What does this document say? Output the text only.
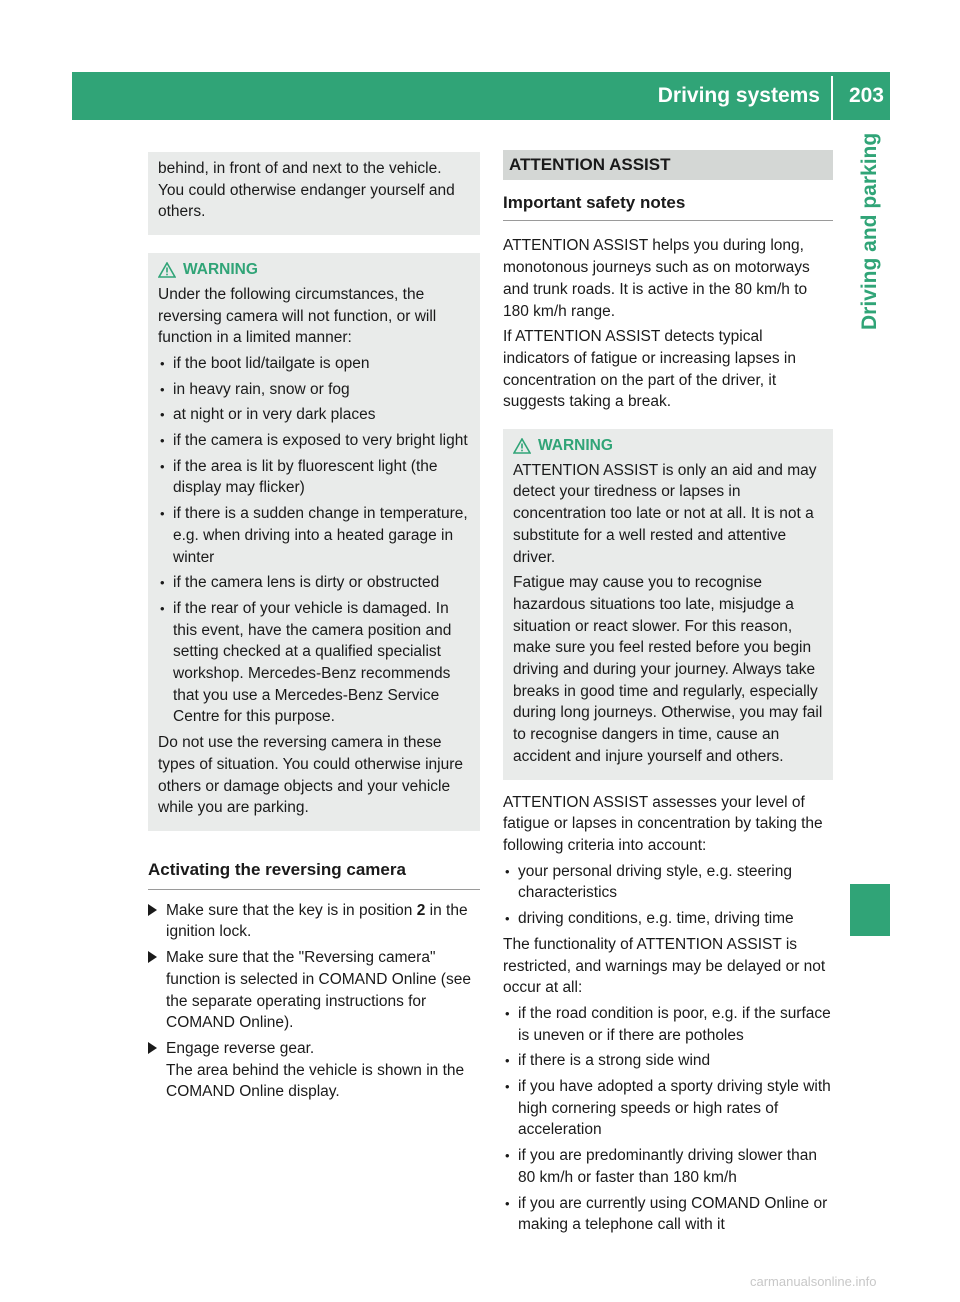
Driving systems 203
Driving and parking

behind, in front of and next to the vehicle. You could otherwise endanger yourself and others.

WARNING

Under the following circumstances, the reversing camera will not function, or will function in a limited manner:

• if the boot lid/tailgate is open
• in heavy rain, snow or fog
• at night or in very dark places
• if the camera is exposed to very bright light
• if the area is lit by fluorescent light (the display may flicker)
• if there is a sudden change in temperature, e.g. when driving into a heated garage in winter
• if the camera lens is dirty or obstructed
• if the rear of your vehicle is damaged. In this event, have the camera position and setting checked at a qualified specialist workshop. Mercedes-Benz recommends that you use a Mercedes-Benz Service Centre for this purpose.

Do not use the reversing camera in these types of situation. You could otherwise injure others or damage objects and your vehicle while you are parking.

Activating the reversing camera
Make sure that the key is in position 2 in the ignition lock.
Make sure that the "Reversing camera" function is selected in COMAND Online (see the separate operating instructions for COMAND Online).
Engage reverse gear.
The area behind the vehicle is shown in the COMAND Online display.
ATTENTION ASSIST
Important safety notes

ATTENTION ASSIST helps you during long, monotonous journeys such as on motorways and trunk roads. It is active in the 80 km/h to 180 km/h range.

If ATTENTION ASSIST detects typical indicators of fatigue or increasing lapses in concentration on the part of the driver, it suggests taking a break.

WARNING

ATTENTION ASSIST is only an aid and may detect your tiredness or lapses in concentration too late or not at all. It is not a substitute for a well rested and attentive driver.

Fatigue may cause you to recognise hazardous situations too late, misjudge a situation or react slower. For this reason, make sure you feel rested before you begin driving and during your journey. Always take breaks in good time and regularly, especially during long journeys. Otherwise, you may fail to recognise dangers in time, cause an accident and injure yourself and others.

ATTENTION ASSIST assesses your level of fatigue or lapses in concentration by taking the following criteria into account:

• your personal driving style, e.g. steering characteristics
• driving conditions, e.g. time, driving time

The functionality of ATTENTION ASSIST is restricted, and warnings may be delayed or not occur at all:

• if the road condition is poor, e.g. if the surface is uneven or if there are potholes
• if there is a strong side wind
• if you have adopted a sporty driving style with high cornering speeds or high rates of acceleration
• if you are predominantly driving slower than 80 km/h or faster than 180 km/h
• if you are currently using COMAND Online or making a telephone call with it
carmanualsonline.info
